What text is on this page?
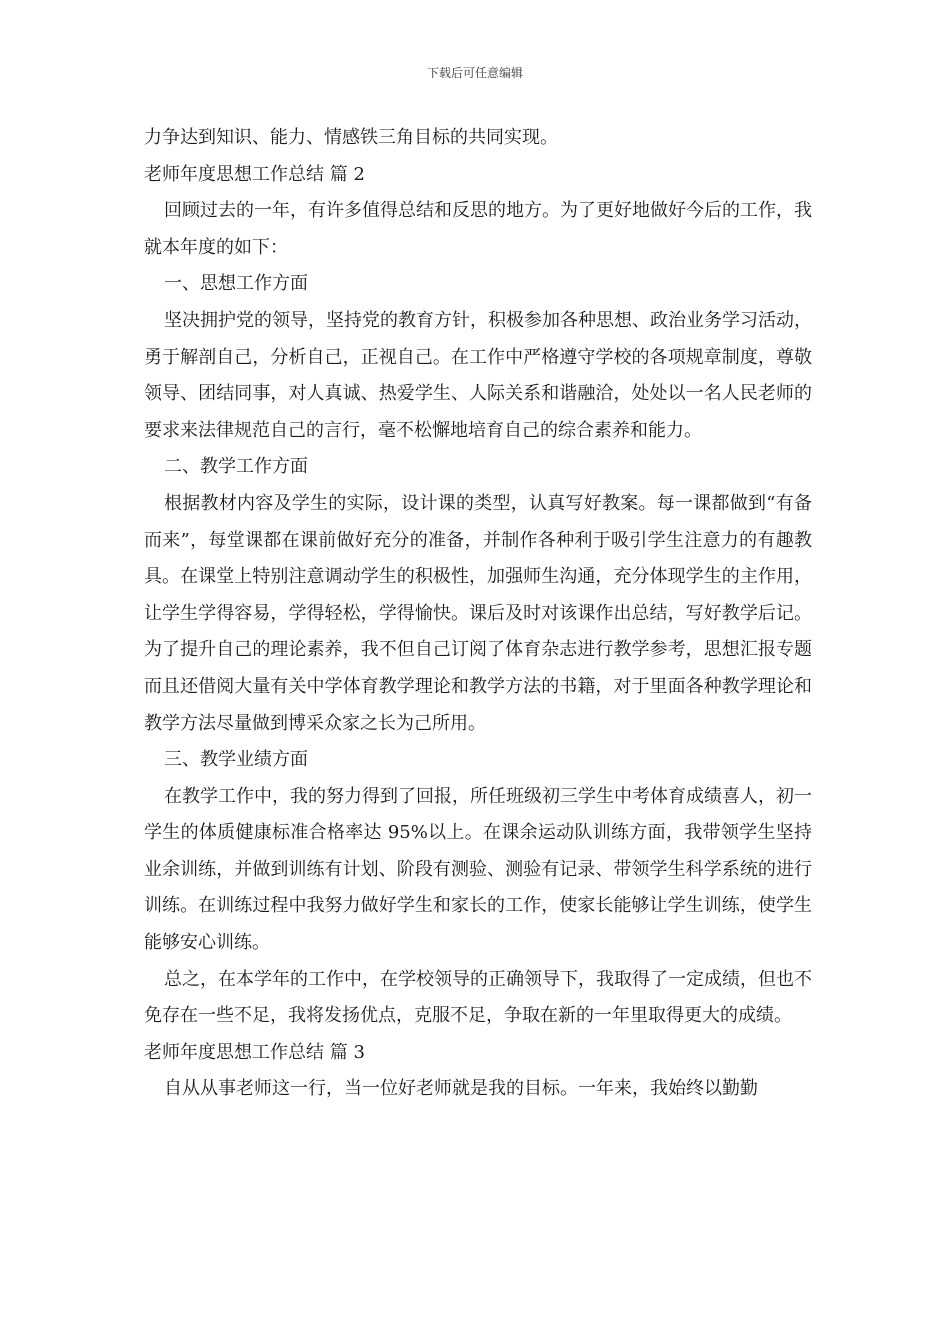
下载后可任意编辑

力争达到知识、能力、情感铁三角目标的共同实现。

老师年度思想工作总结 篇 2

回顾过去的一年，有许多值得总结和反思的地方。为了更好地做好今后的工作，我就本年度的如下：

一、思想工作方面

坚决拥护党的领导，坚持党的教育方针，积极参加各种思想、政治业务学习活动，勇于解剖自己，分析自己，正视自己。在工作中严格遵守学校的各项规章制度，尊敬领导、团结同事，对人真诚、热爱学生、人际关系和谐融洽，处处以一名人民老师的要求来法律规范自己的言行，毫不松懈地培育自己的综合素养和能力。

二、教学工作方面

根据教材内容及学生的实际，设计课的类型，认真写好教案。每一课都做到“有备而来”，每堂课都在课前做好充分的准备，并制作各种利于吸引学生注意力的有趣教具。在课堂上特别注意调动学生的积极性，加强师生沟通，充分体现学生的主作用，让学生学得容易，学得轻松，学得愉快。课后及时对该课作出总结，写好教学后记。为了提升自己的理论素养，我不但自己订阅了体育杂志进行教学参考，思想汇报专题而且还借阅大量有关中学体育教学理论和教学方法的书籍，对于里面各种教学理论和教学方法尽量做到博采众家之长为己所用。

三、教学业绩方面

在教学工作中，我的努力得到了回报，所任班级初三学生中考体育成绩喜人，初一学生的体质健康标准合格率达 95%以上。在课余运动队训练方面，我带领学生坚持业余训练，并做到训练有计划、阶段有测验、测验有记录、带领学生科学系统的进行训练。在训练过程中我努力做好学生和家长的工作，使家长能够让学生训练，使学生能够安心训练。

总之，在本学年的工作中，在学校领导的正确领导下，我取得了一定成绩，但也不免存在一些不足，我将发扬优点，克服不足，争取在新的一年里取得更大的成绩。

老师年度思想工作总结 篇 3

自从从事老师这一行，当一位好老师就是我的目标。一年来，我始终以勤勤
